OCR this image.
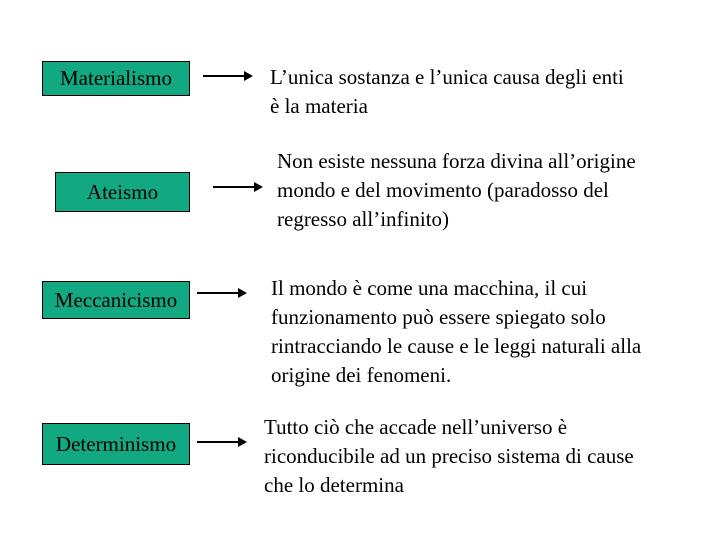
Materialismo	L’unica sostanza e l’unica causa degli enti
è la materia
Ateismo
Non esiste nessuna forza divina all’origine
mondo e del movimento (paradosso del
regresso all’infinito)
Meccanicismo	Il mondo è come una macchina, il cui
funzionamento può essere spiegato solo
rintracciando le cause e le leggi naturali alla
origine dei fenomeni.
Determinismo
Tutto ciò che accade nell’universo è
riconducibile ad un preciso sistema di cause
che lo determina
